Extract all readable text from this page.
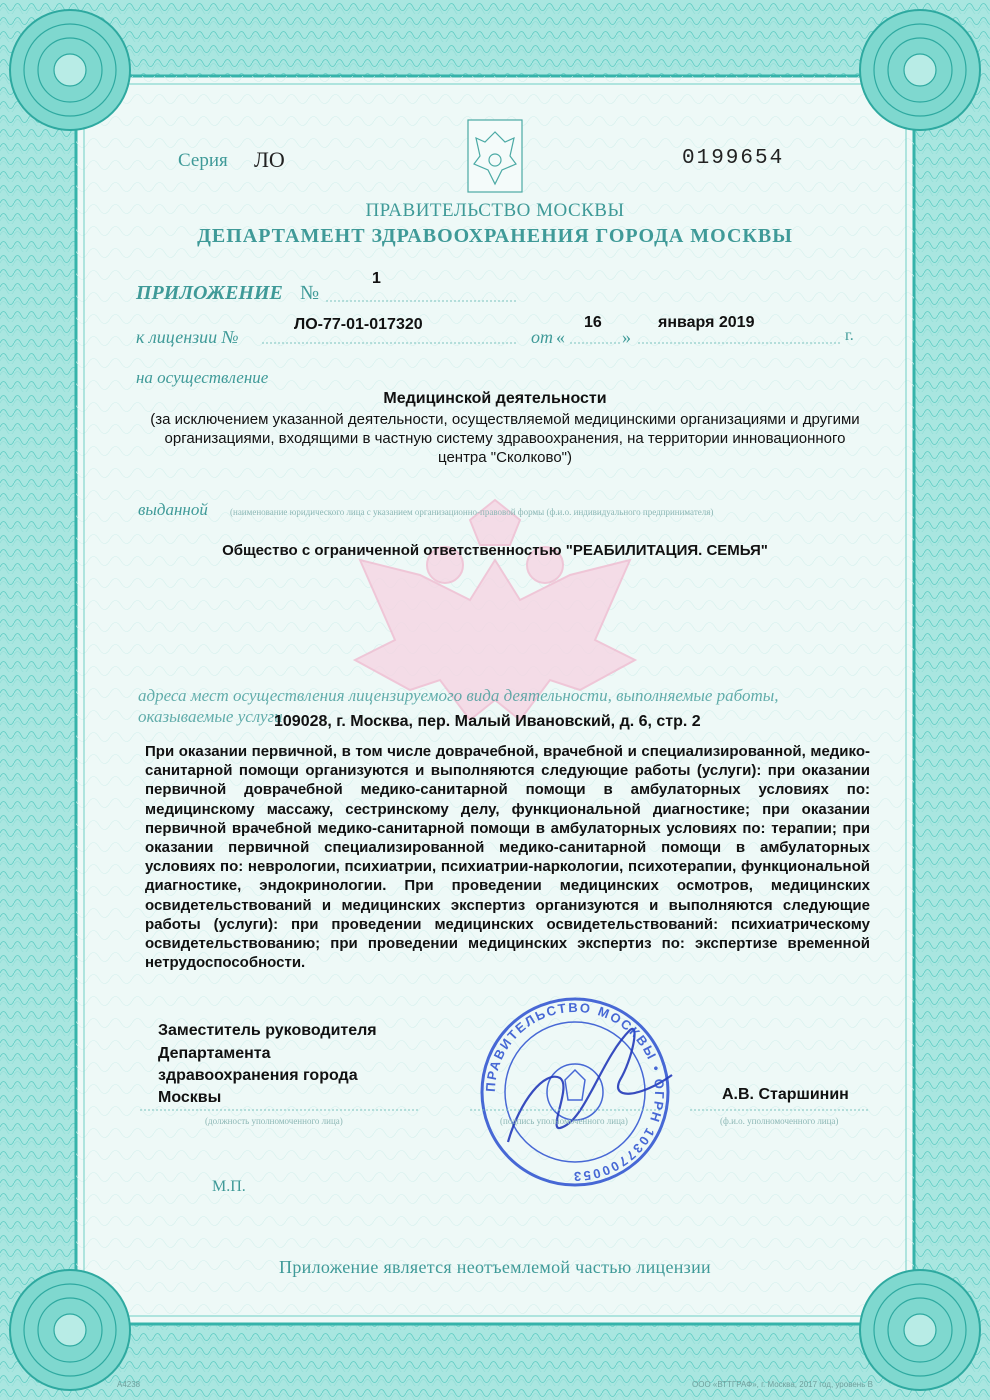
Серия ЛО	0199654
ПРАВИТЕЛЬСТВО МОСКВЫ
ДЕПАРТАМЕНТ ЗДРАВООХРАНЕНИЯ ГОРОДА МОСКВЫ
ПРИЛОЖЕНИЕ №
1
к лицензии №
ЛО-77-01-017320
от «
16
»
января 2019
г.
на осуществление
Медицинской деятельности
(за исключением указанной деятельности, осуществляемой медицинскими организациями и другими организациями, входящими в частную систему здравоохранения, на территории инновационного центра "Сколково")
выданной (наименование юридического лица с указанием организационно-правовой формы (ф.и.о. индивидуального предпринимателя)
Общество с ограниченной ответственностью "РЕАБИЛИТАЦИЯ. СЕМЬЯ"
адреса мест осуществления лицензируемого вида деятельности, выполняемые работы,
оказываемые услуги
109028, г. Москва, пер. Малый Ивановский, д. 6, стр. 2
При оказании первичной, в том числе доврачебной, врачебной и специализированной, медико-санитарной помощи организуются и выполняются следующие работы (услуги): при оказании первичной доврачебной медико-санитарной помощи в амбулаторных условиях по: медицинскому массажу, сестринскому делу, функциональной диагностике; при оказании первичной врачебной медико-санитарной помощи в амбулаторных условиях по: терапии; при оказании первичной специализированной медико-санитарной помощи в амбулаторных условиях по: неврологии, психиатрии, психиатрии-наркологии, психотерапии, функциональной диагностике, эндокринологии. При проведении медицинских осмотров, медицинских освидетельствований и медицинских экспертиз организуются и выполняются следующие работы (услуги): при проведении медицинских освидетельствований: психиатрическому освидетельствованию; при проведении медицинских экспертиз по: экспертизе временной нетрудоспособности.
Заместитель руководителя
Департамента
здравоохранения города
Москвы	А.В. Старшинин
(должность уполномоченного лица)	(подпись уполномоченного лица)	(ф.и.о. уполномоченного лица)
ПРАВИТЕЛЬСТВО МОСКВЫ • ОГРН 1037700053
М.П.
Приложение является неотъемлемой частью лицензии
А4238	ООО «ВТТГРАФ», г. Москва, 2017 год, уровень В
